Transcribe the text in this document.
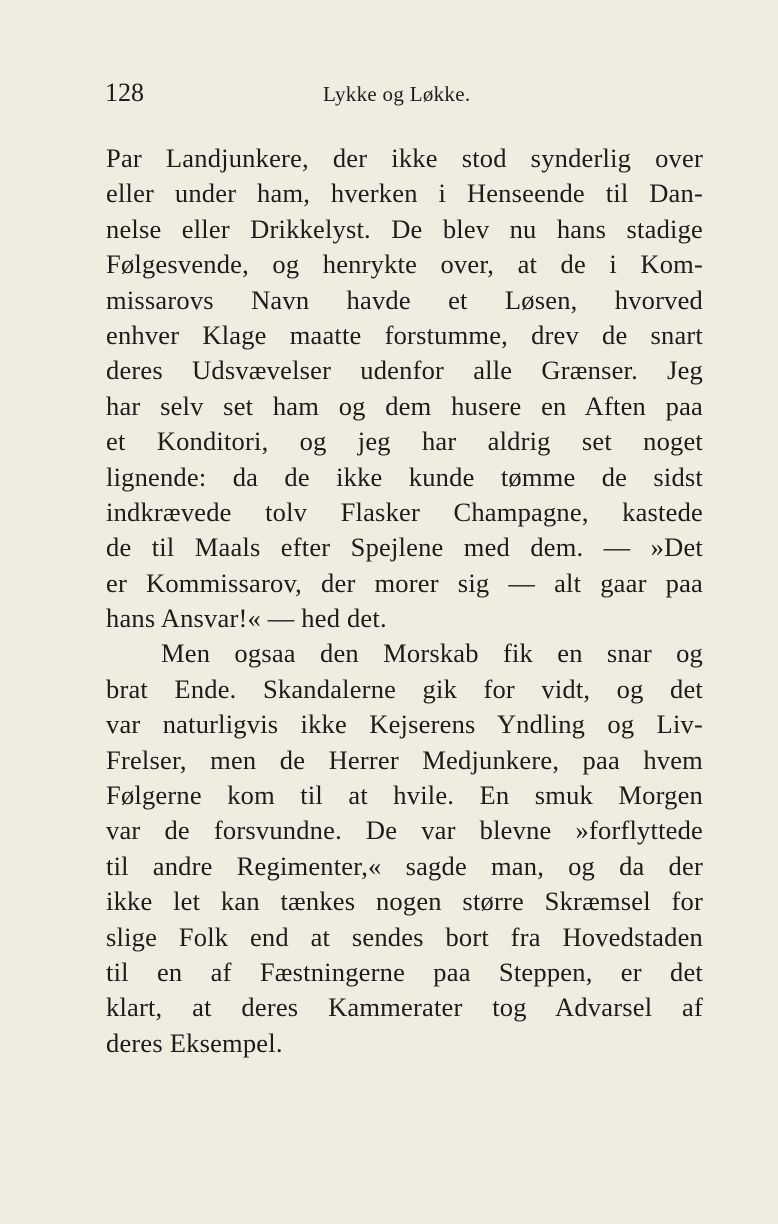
128	Lykke og Løkke.
Par Landjunkere, der ikke stod synderlig over
eller under ham, hverken i Henseende til Dan-
nelse eller Drikkelyst. De blev nu hans stadige
Følgesvende, og henrykte over, at de i Kom-
missarovs Navn havde et Løsen, hvorved
enhver Klage maatte forstumme, drev de snart
deres Udsvævelser udenfor alle Grænser. Jeg
har selv set ham og dem husere en Aften paa
et Konditori, og jeg har aldrig set noget
lignende: da de ikke kunde tømme de sidst
indkrævede tolv Flasker Champagne, kastede
de til Maals efter Spejlene med dem. — »Det
er Kommissarov, der morer sig — alt gaar paa
hans Ansvar!« — hed det.
Men ogsaa den Morskab fik en snar og
brat Ende. Skandalerne gik for vidt, og det
var naturligvis ikke Kejserens Yndling og Liv-
Frelser, men de Herrer Medjunkere, paa hvem
Følgerne kom til at hvile. En smuk Morgen
var de forsvundne. De var blevne »forflyttede
til andre Regimenter,« sagde man, og da der
ikke let kan tænkes nogen større Skræmsel for
slige Folk end at sendes bort fra Hovedstaden
til en af Fæstningerne paa Steppen, er det
klart, at deres Kammerater tog Advarsel af
deres Eksempel.
